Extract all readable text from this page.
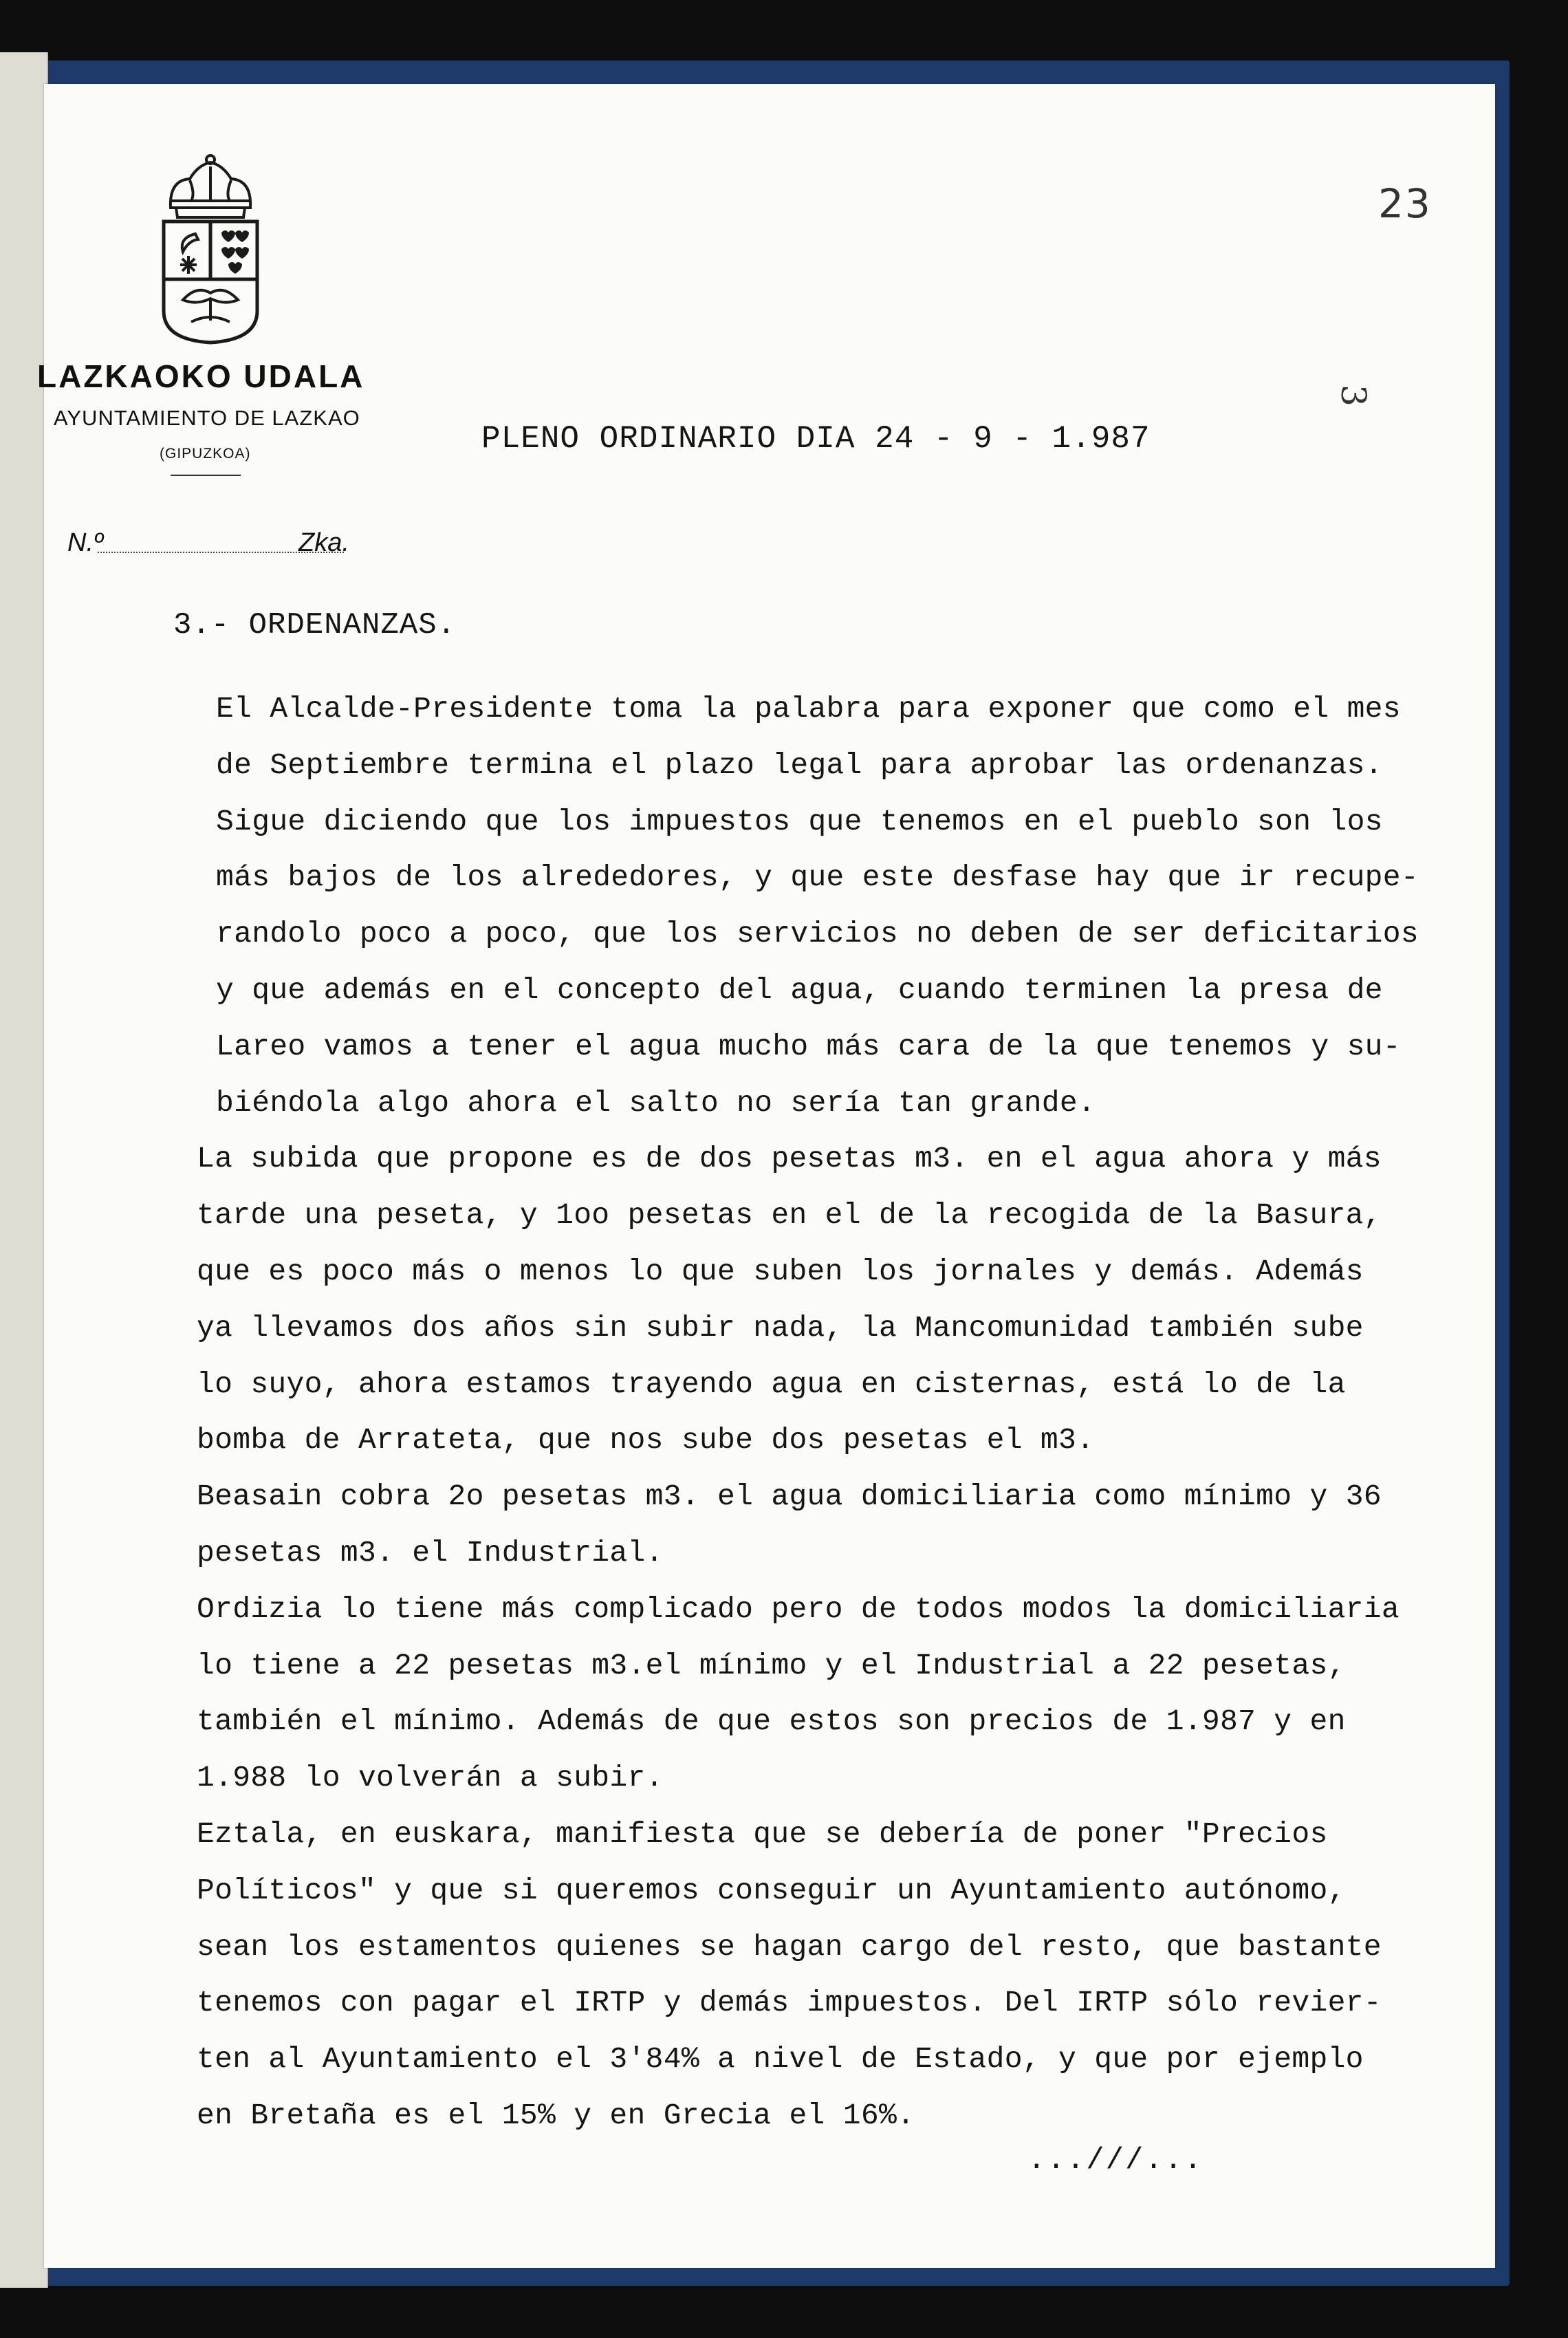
LAZKAOKO UDALA
AYUNTAMIENTO DE LAZKAO
(GIPUZKOA)
N.º	Zka.
23
3
PLENO ORDINARIO DIA 24 - 9 - 1.987
3.- ORDENANZAS.
El Alcalde-Presidente toma la palabra para exponer que como el mes
de Septiembre termina el plazo legal para aprobar las ordenanzas.
Sigue diciendo que los impuestos que tenemos en el pueblo son los
más bajos de los alrededores, y que este desfase hay que ir recupe-
randolo poco a poco, que los servicios no deben de ser deficitarios
y que además en el concepto del agua, cuando terminen la presa de
Lareo vamos a tener el agua mucho más cara de la que tenemos y su-
biéndola algo ahora el salto no sería tan grande.
La subida que propone es de dos pesetas m3. en el agua ahora y más
tarde una peseta, y 1oo pesetas en el de la recogida de la Basura,
que es poco más o menos lo que suben los jornales y demás. Además
ya llevamos dos años sin subir nada, la Mancomunidad también sube
lo suyo, ahora estamos trayendo agua en cisternas, está lo de la
bomba de Arrateta, que nos sube dos pesetas el m3.
Beasain cobra 2o pesetas m3. el agua domiciliaria como mínimo y 36
pesetas m3. el Industrial.
Ordizia lo tiene más complicado pero de todos modos la domiciliaria
lo tiene a 22 pesetas m3.el mínimo y el Industrial a 22 pesetas,
también el mínimo. Además de que estos son precios de 1.987 y en
1.988 lo volverán a subir.
Eztala, en euskara, manifiesta que se debería de poner "Precios
Políticos" y que si queremos conseguir un Ayuntamiento autónomo,
sean los estamentos quienes se hagan cargo del resto, que bastante
tenemos con pagar el IRTP y demás impuestos. Del IRTP sólo revier-
ten al Ayuntamiento el 3'84% a nivel de Estado, y que por ejemplo
en Bretaña es el 15% y en Grecia el 16%.
...///...
